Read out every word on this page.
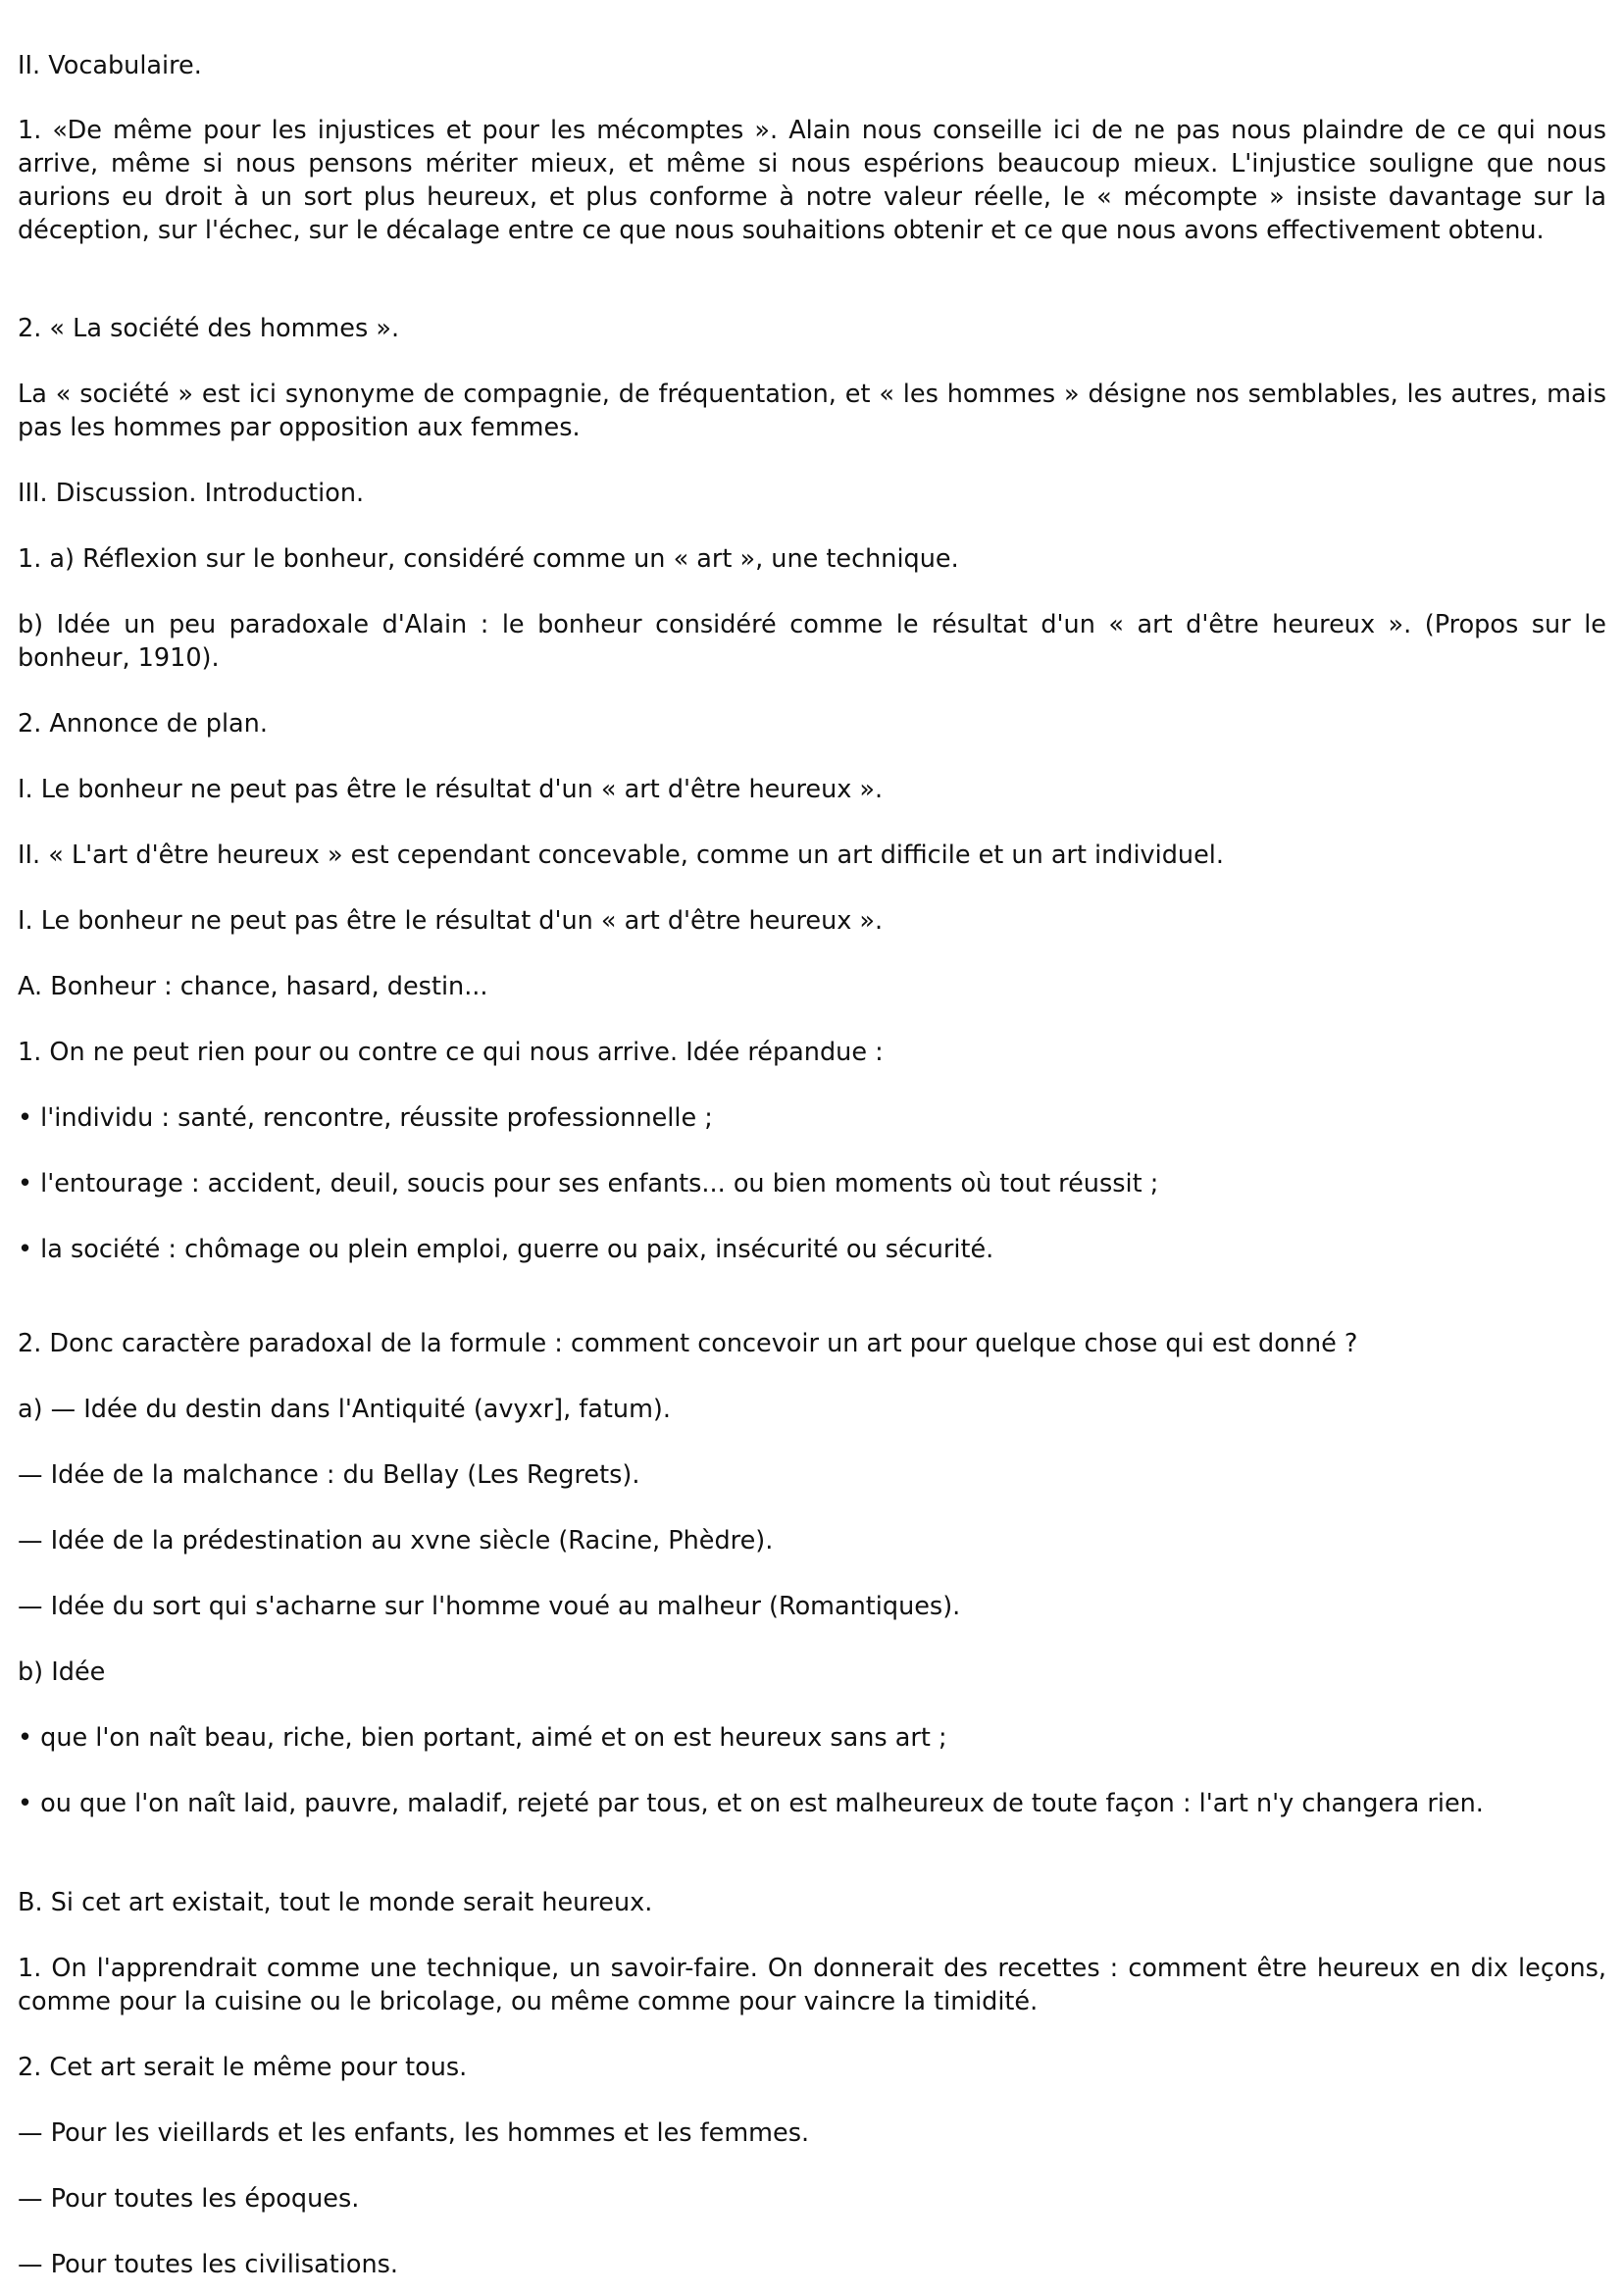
II. Vocabulaire.

1. «De même pour les injustices et pour les mécomptes ». Alain nous conseille ici de ne pas nous plaindre de ce qui nous arrive, même si nous pensons mériter mieux, et même si nous espérions beaucoup mieux. L'injustice souligne que nous aurions eu droit à un sort plus heureux, et plus conforme à notre valeur réelle, le « mécompte » insiste davantage sur la déception, sur l'échec, sur le décalage entre ce que nous souhaitions obtenir et ce que nous avons effectivement obtenu.

2. « La société des hommes ».

La « société » est ici synonyme de compagnie, de fréquentation, et « les hommes » désigne nos semblables, les autres, mais pas les hommes par opposition aux femmes.

III. Discussion. Introduction.

1. a) Réflexion sur le bonheur, considéré comme un « art », une technique.

b) Idée un peu paradoxale d'Alain : le bonheur considéré comme le résultat d'un « art d'être heureux ». (Propos sur le bonheur, 1910).

2. Annonce de plan.

I. Le bonheur ne peut pas être le résultat d'un « art d'être heureux ».

II. « L'art d'être heureux » est cependant concevable, comme un art difficile et un art individuel.

I. Le bonheur ne peut pas être le résultat d'un « art d'être heureux ».

A. Bonheur : chance, hasard, destin...

1. On ne peut rien pour ou contre ce qui nous arrive. Idée répandue :

• l'individu : santé, rencontre, réussite professionnelle ;

• l'entourage : accident, deuil, soucis pour ses enfants... ou bien moments où tout réussit ;

• la société : chômage ou plein emploi, guerre ou paix, insécurité ou sécurité.

2. Donc caractère paradoxal de la formule : comment concevoir un art pour quelque chose qui est donné ?

a) — Idée du destin dans l'Antiquité (avyxr], fatum).

— Idée de la malchance : du Bellay (Les Regrets).

— Idée de la prédestination au xvne siècle (Racine, Phèdre).

— Idée du sort qui s'acharne sur l'homme voué au malheur (Romantiques).

b) Idée

• que l'on naît beau, riche, bien portant, aimé et on est heureux sans art ;

• ou que l'on naît laid, pauvre, maladif, rejeté par tous, et on est malheureux de toute façon : l'art n'y changera rien.

B. Si cet art existait, tout le monde serait heureux.

1. On l'apprendrait comme une technique, un savoir-faire. On donnerait des recettes : comment être heureux en dix leçons, comme pour la cuisine ou le bricolage, ou même comme pour vaincre la timidité.

2. Cet art serait le même pour tous.

— Pour les vieillards et les enfants, les hommes et les femmes.

— Pour toutes les époques.

— Pour toutes les civilisations.
